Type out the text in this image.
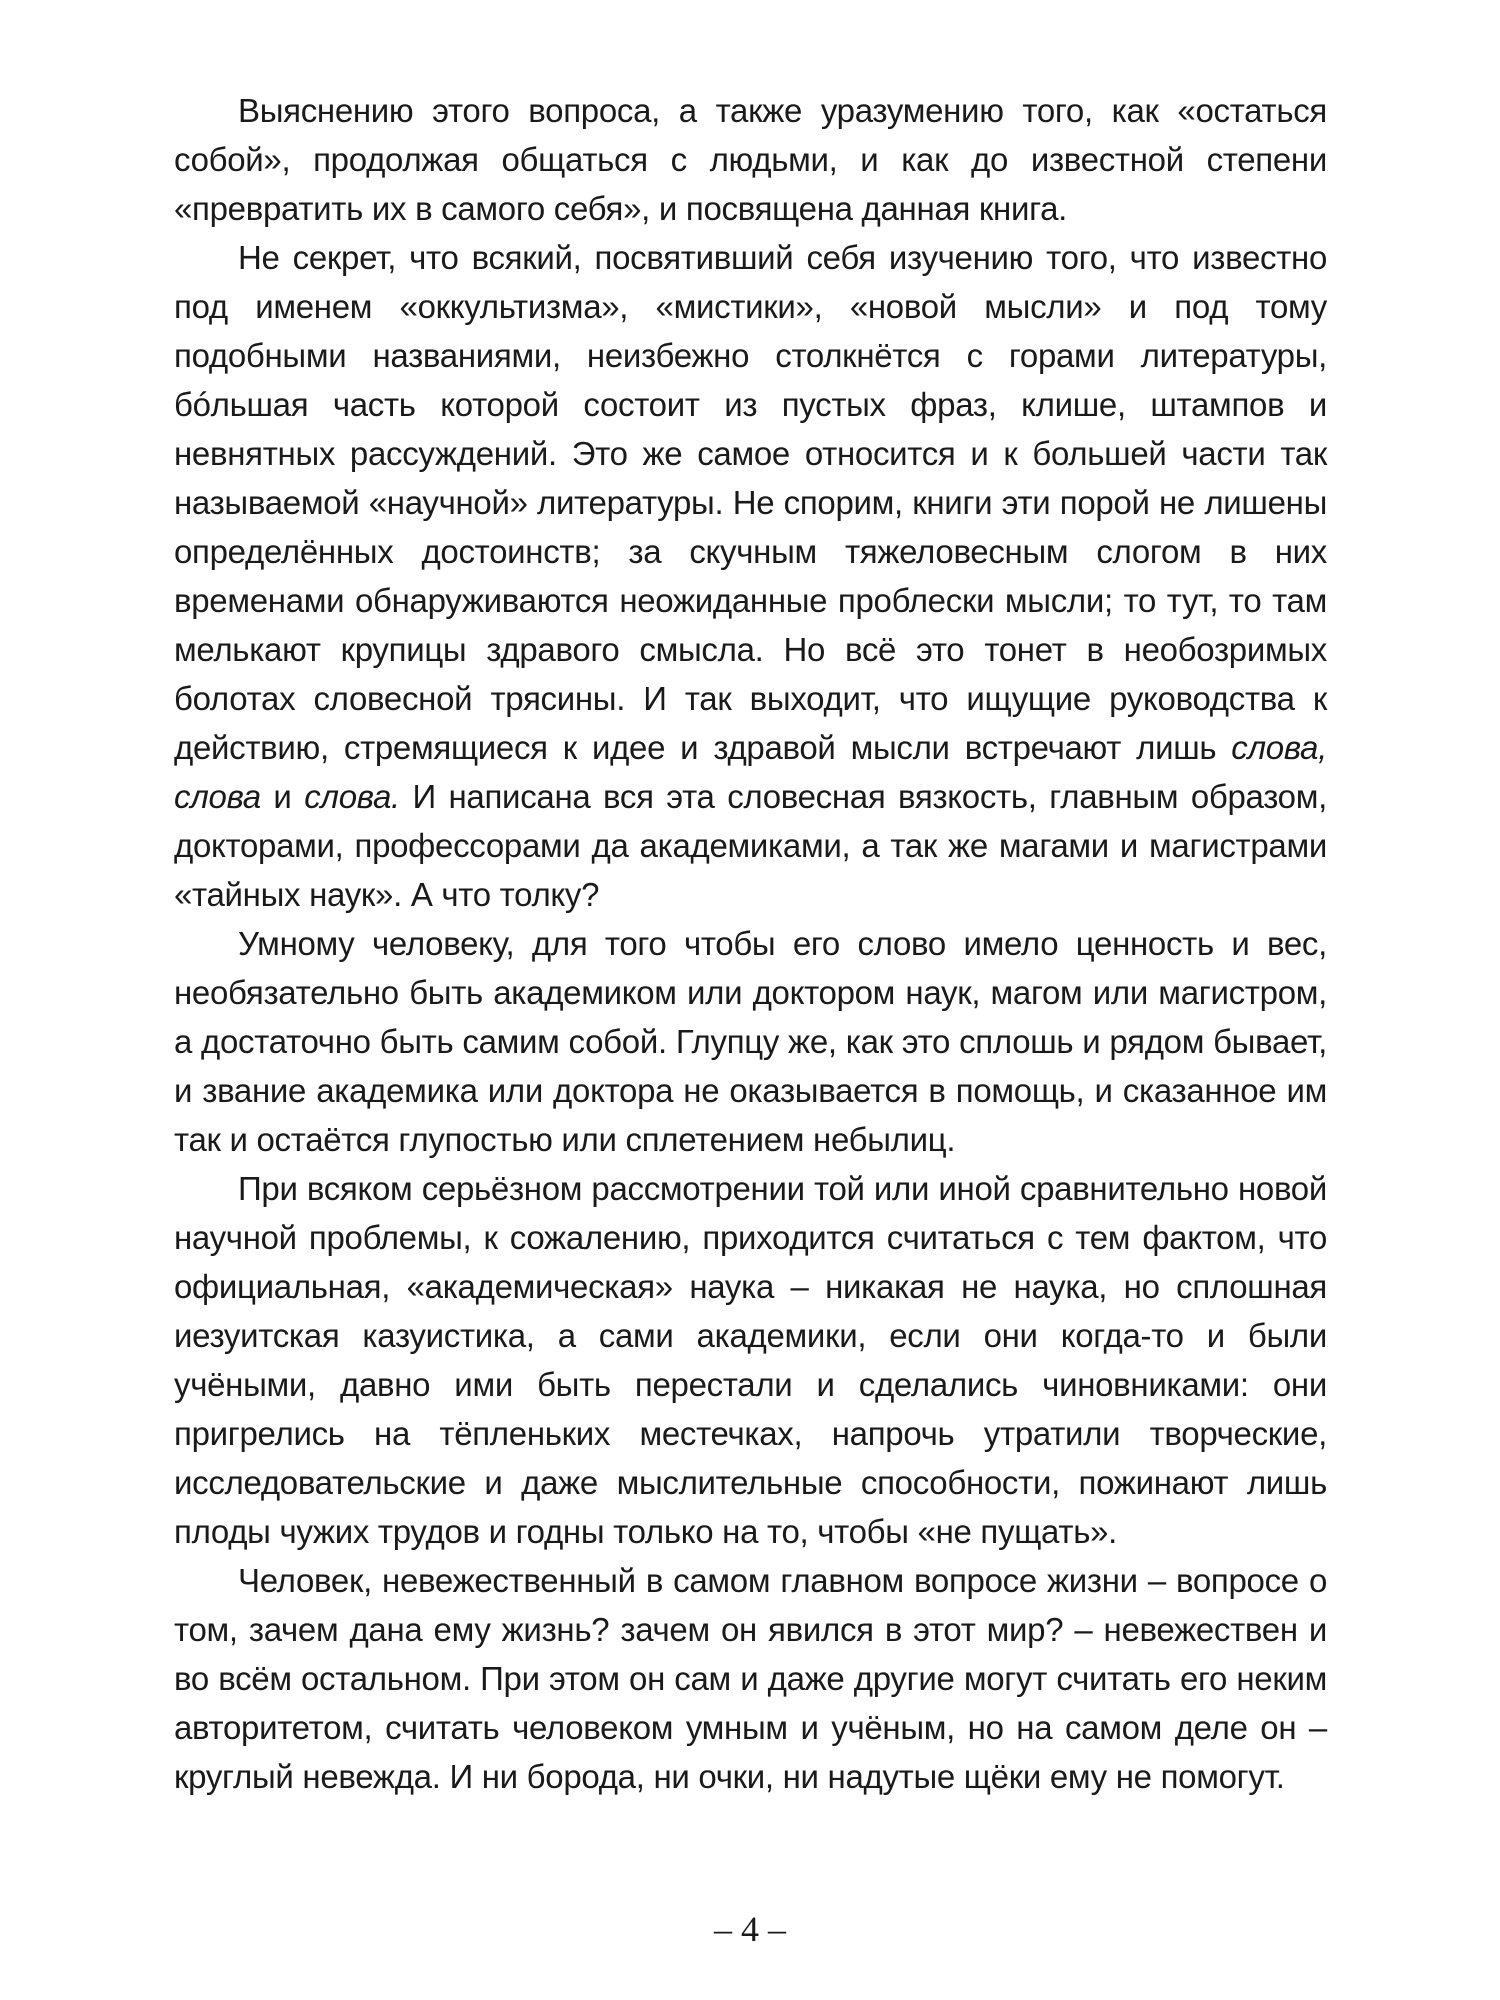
Выяснению этого вопроса, а также уразумению того, как «остаться собой», продолжая общаться с людьми, и как до известной степени «превратить их в самого себя», и посвящена данная книга.

Не секрет, что всякий, посвятивший себя изучению того, что известно под именем «оккультизма», «мистики», «новой мысли» и под тому подобными названиями, неизбежно столкнётся с горами литературы, бóльшая часть которой состоит из пустых фраз, клише, штампов и невнятных рассуждений. Это же самое относится и к большей части так называемой «научной» литературы. Не спорим, книги эти порой не лишены определённых достоинств; за скучным тяжеловесным слогом в них временами обнаруживаются неожиданные проблески мысли; то тут, то там мелькают крупицы здравого смысла. Но всё это тонет в необозримых болотах словесной трясины. И так выходит, что ищущие руководства к действию, стремящиеся к идее и здравой мысли встречают лишь слова, слова и слова. И написана вся эта словесная вязкость, главным образом, докторами, профессорами да академиками, а так же магами и магистрами «тайных наук». А что толку?

Умному человеку, для того чтобы его слово имело ценность и вес, необязательно быть академиком или доктором наук, магом или магистром, а достаточно быть самим собой. Глупцу же, как это сплошь и рядом бывает, и звание академика или доктора не оказывается в помощь, и сказанное им так и остаётся глупостью или сплетением небылиц.

При всяком серьёзном рассмотрении той или иной сравнительно новой научной проблемы, к сожалению, приходится считаться с тем фактом, что официальная, «академическая» наука – никакая не наука, но сплошная иезуитская казуистика, а сами академики, если они когда-то и были учёными, давно ими быть перестали и сделались чиновниками: они пригрелись на тёпленьких местечках, напрочь утратили творческие, исследовательские и даже мыслительные способности, пожинают лишь плоды чужих трудов и годны только на то, чтобы «не пущать».

Человек, невежественный в самом главном вопросе жизни – вопросе о том, зачем дана ему жизнь? зачем он явился в этот мир? – невежествен и во всём остальном. При этом он сам и даже другие могут считать его неким авторитетом, считать человеком умным и учёным, но на самом деле он – круглый невежда. И ни борода, ни очки, ни надутые щёки ему не помогут.

– 4 –
